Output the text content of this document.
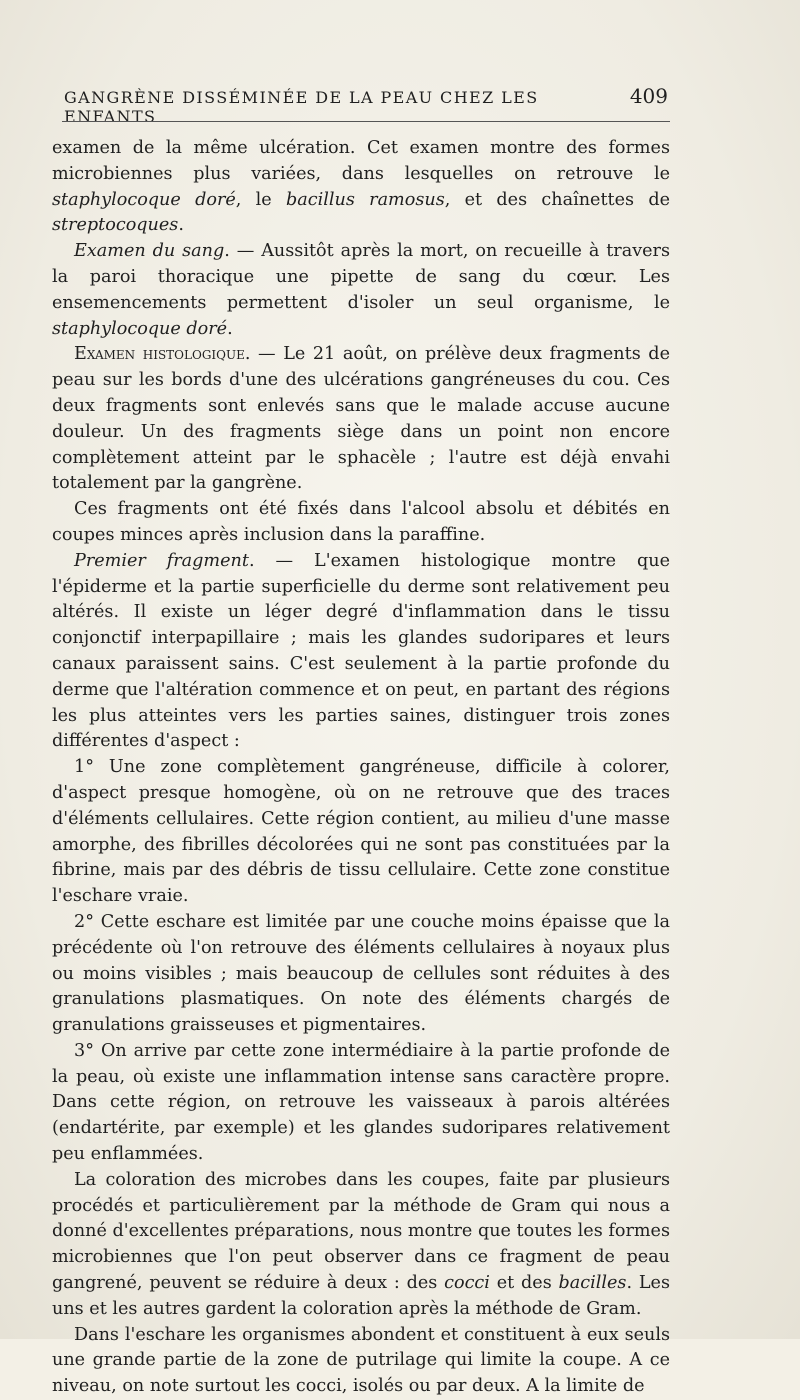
GANGRÈNE DISSÉMINÉE DE LA PEAU CHEZ LES ENFANTS
409

examen de la même ulcération. Cet examen montre des formes microbiennes plus variées, dans lesquelles on retrouve le staphylocoque doré, le bacillus ramosus, et des chaînettes de streptocoques.

Examen du sang. — Aussitôt après la mort, on recueille à travers la paroi thoracique une pipette de sang du cœur. Les ensemencements permettent d'isoler un seul organisme, le staphylocoque doré.

Examen histologique. — Le 21 août, on prélève deux fragments de peau sur les bords d'une des ulcérations gangréneuses du cou. Ces deux fragments sont enlevés sans que le malade accuse aucune douleur. Un des fragments siège dans un point non encore complètement atteint par le sphacèle ; l'autre est déjà envahi totalement par la gangrène.

Ces fragments ont été fixés dans l'alcool absolu et débités en coupes minces après inclusion dans la paraffine.

Premier fragment. — L'examen histologique montre que l'épiderme et la partie superficielle du derme sont relativement peu altérés. Il existe un léger degré d'inflammation dans le tissu conjonctif interpapillaire ; mais les glandes sudoripares et leurs canaux paraissent sains. C'est seulement à la partie profonde du derme que l'altération commence et on peut, en partant des régions les plus atteintes vers les parties saines, distinguer trois zones différentes d'aspect :

1° Une zone complètement gangréneuse, difficile à colorer, d'aspect presque homogène, où on ne retrouve que des traces d'éléments cellulaires. Cette région contient, au milieu d'une masse amorphe, des fibrilles décolorées qui ne sont pas constituées par la fibrine, mais par des débris de tissu cellulaire. Cette zone constitue l'eschare vraie.

2° Cette eschare est limitée par une couche moins épaisse que la précédente où l'on retrouve des éléments cellulaires à noyaux plus ou moins visibles ; mais beaucoup de cellules sont réduites à des granulations plasmatiques. On note des éléments chargés de granulations graisseuses et pigmentaires.

3° On arrive par cette zone intermédiaire à la partie profonde de la peau, où existe une inflammation intense sans caractère propre. Dans cette région, on retrouve les vaisseaux à parois altérées (endartérite, par exemple) et les glandes sudoripares relativement peu enflammées.

La coloration des microbes dans les coupes, faite par plusieurs procédés et particulièrement par la méthode de Gram qui nous a donné d'excellentes préparations, nous montre que toutes les formes microbiennes que l'on peut observer dans ce fragment de peau gangrené, peuvent se réduire à deux : des cocci et des bacilles. Les uns et les autres gardent la coloration après la méthode de Gram.

Dans l'eschare les organismes abondent et constituent à eux seuls une grande partie de la zone de putrilage qui limite la coupe. A ce niveau, on note surtout les cocci, isolés ou par deux. A la limite de
